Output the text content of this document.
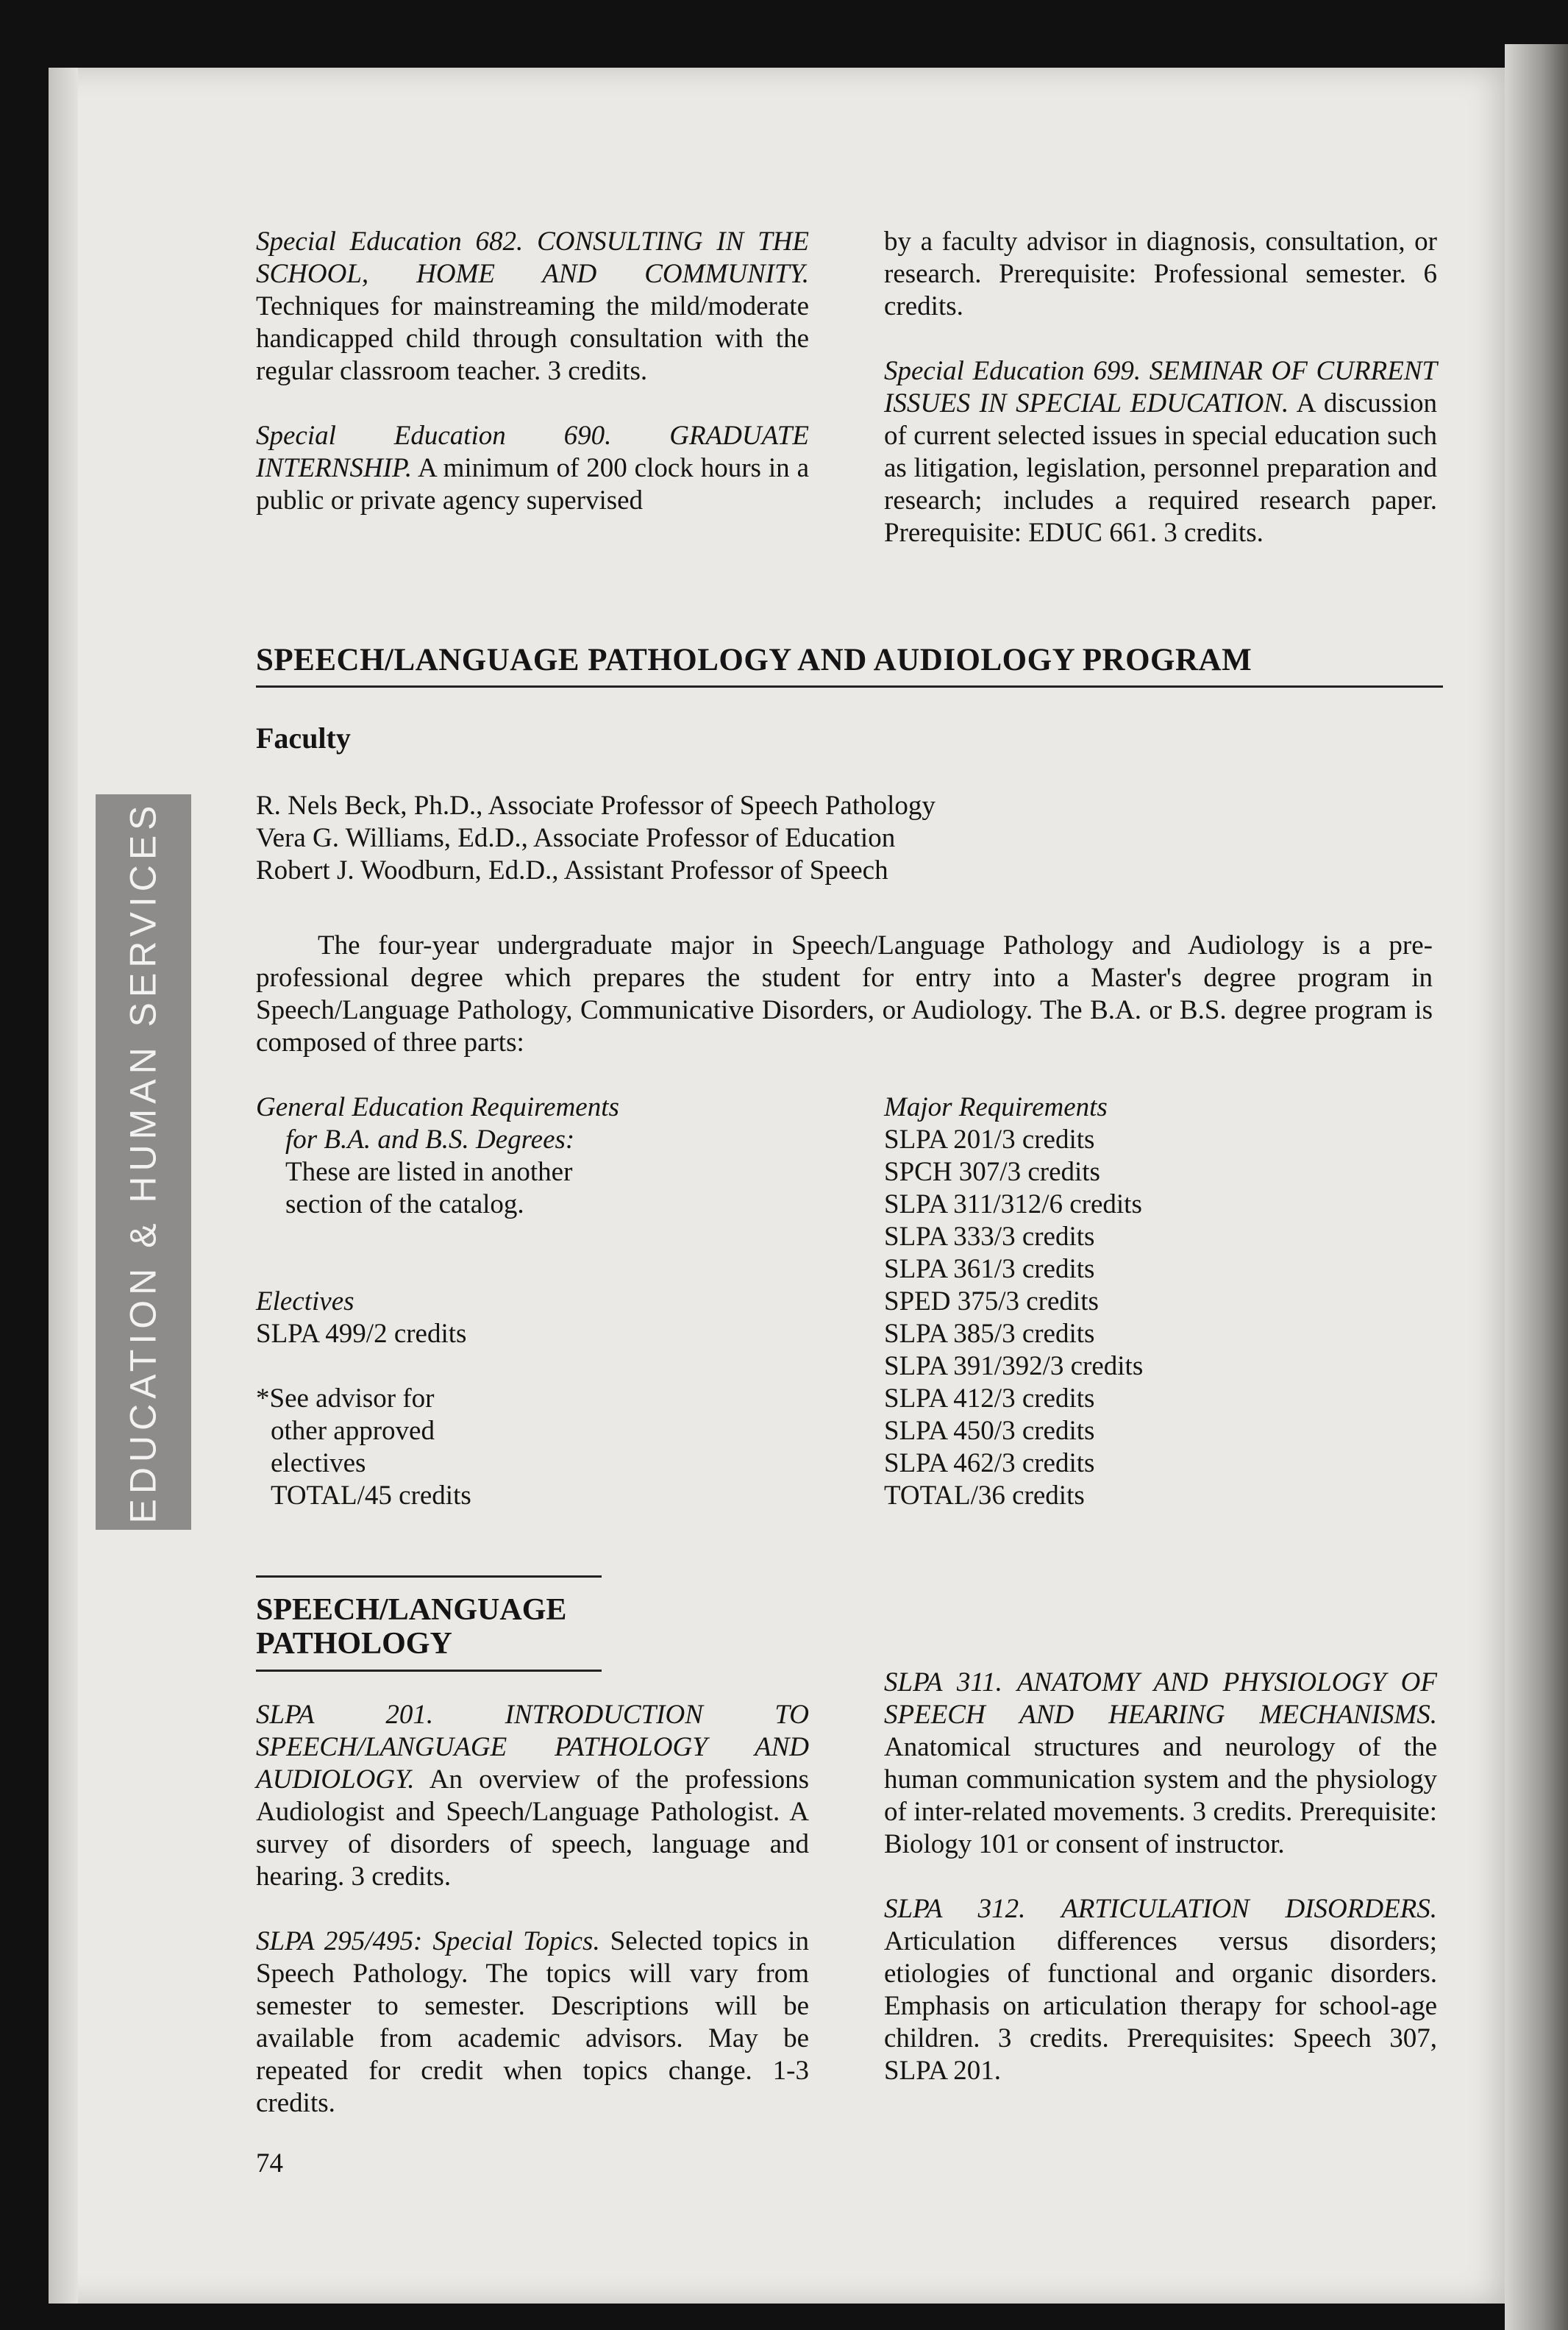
EDUCATION & HUMAN SERVICES

Special Education 682. CONSULTING IN THE SCHOOL, HOME AND COMMUNITY. Techniques for mainstreaming the mild/moderate handicapped child through consultation with the regular classroom teacher. 3 credits.

Special Education 690. GRADUATE INTERNSHIP. A minimum of 200 clock hours in a public or private agency supervised

by a faculty advisor in diagnosis, consultation, or research. Prerequisite: Professional semester. 6 credits.

Special Education 699. SEMINAR OF CURRENT ISSUES IN SPECIAL EDUCATION. A discussion of current selected issues in special education such as litigation, legislation, personnel preparation and research; includes a required research paper. Prerequisite: EDUC 661. 3 credits.

SPEECH/LANGUAGE PATHOLOGY AND AUDIOLOGY PROGRAM
Faculty
R. Nels Beck, Ph.D., Associate Professor of Speech Pathology
Vera G. Williams, Ed.D., Associate Professor of Education
Robert J. Woodburn, Ed.D., Assistant Professor of Speech

The four-year undergraduate major in Speech/Language Pathology and Audiology is a pre-professional degree which prepares the student for entry into a Master's degree program in Speech/Language Pathology, Communicative Disorders, or Audiology. The B.A. or B.S. degree program is composed of three parts:

General Education Requirements
for B.A. and B.S. Degrees:
These are listed in another
section of the catalog.
Electives
SLPA 499/2 credits
*See advisor for
other approved
electives
TOTAL/45 credits
Major Requirements
SLPA 201/3 credits
SPCH 307/3 credits
SLPA 311/312/6 credits
SLPA 333/3 credits
SLPA 361/3 credits
SPED 375/3 credits
SLPA 385/3 credits
SLPA 391/392/3 credits
SLPA 412/3 credits
SLPA 450/3 credits
SLPA 462/3 credits
TOTAL/36 credits
SPEECH/LANGUAGE
PATHOLOGY

SLPA 201.	INTRODUCTION TO SPEECH/LANGUAGE PATHOLOGY AND AUDIOLOGY. An overview of the professions Audiologist and Speech/Language Pathologist. A survey of disorders of speech, language and hearing. 3 credits.

SLPA 295/495: Special Topics. Selected topics in Speech Pathology. The topics will vary from semester to semester. Descriptions will be available from academic advisors. May be repeated for credit when topics change. 1-3 credits.

SLPA 311. ANATOMY AND PHYSIOLOGY OF SPEECH AND HEARING MECHANISMS. Anatomical structures and neurology of the human communication system and the physiology of inter-related movements. 3 credits. Prerequisite: Biology 101 or consent of instructor.

SLPA 312. ARTICULATION DISORDERS. Articulation differences versus disorders; etiologies of functional and organic disorders. Emphasis on articulation therapy for school-age children. 3 credits. Prerequisites: Speech 307, SLPA 201.

74
